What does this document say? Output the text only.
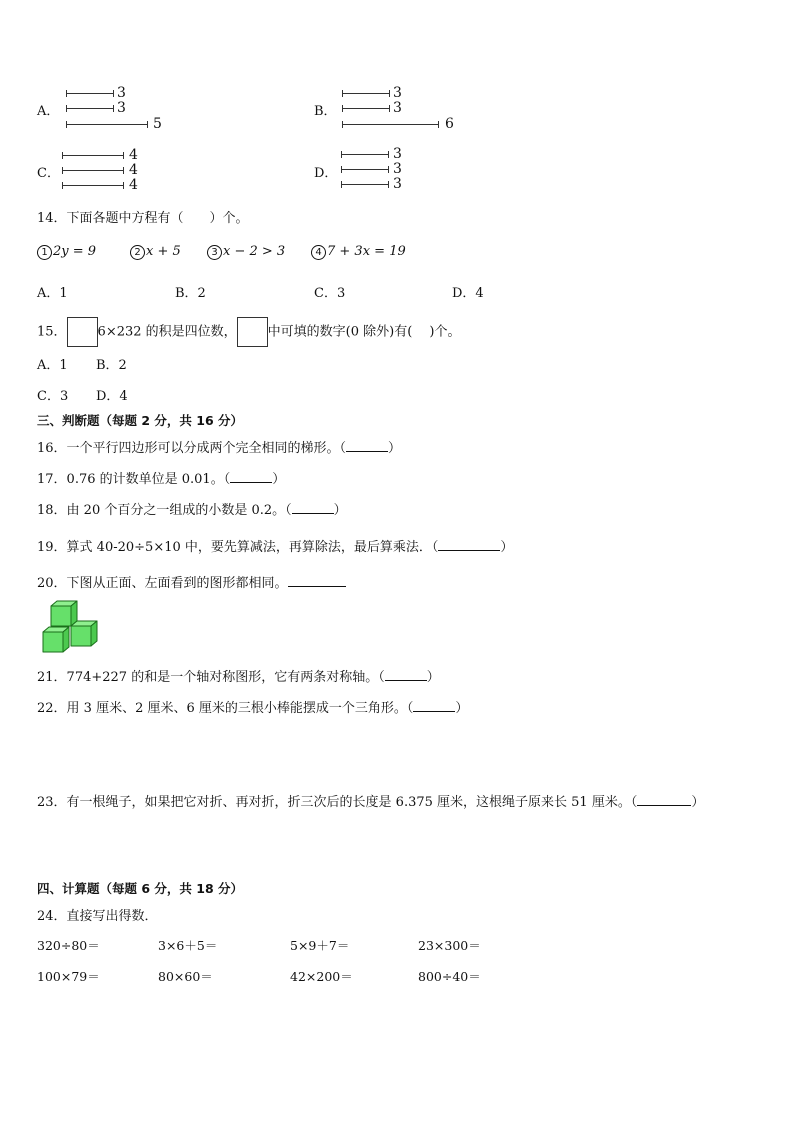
A．
3
3
5
B．
3
3
6
C．
4
4
4
D．
3
3
3
14．下面各题中方程有（　　）个。
1 2y = 9	2 x + 5	3 x − 2 > 3	4 7 + 3x = 19
A．1	B．2	C．3	D．4
15． 6×232 的积是四位数， 中可填的数字(0 除外)有(　 )个。
A．1 B．2
C．3 D．4
三、判断题（每题 2 分，共 16 分）
16．一个平行四边形可以分成两个完全相同的梯形。（	）
17．0.76 的计数单位是 0.01。（	）
18．由 20 个百分之一组成的小数是 0.2。（	）
19．算式 40-20÷5×10 中，要先算减法，再算除法，最后算乘法．（	）
20．下图从正面、左面看到的图形都相同。
21．774+227 的和是一个轴对称图形，它有两条对称轴。（	）
22．用 3 厘米、2 厘米、6 厘米的三根小棒能摆成一个三角形。（	）
23．有一根绳子，如果把它对折、再对折，折三次后的长度是 6.375 厘米，这根绳子原来长 51 厘米。（	）
四、计算题（每题 6 分，共 18 分）
24．直接写出得数．
320÷80＝	3×6＋5＝	5×9＋7＝	23×300＝
100×79＝	80×60＝	42×200＝	800÷40＝
